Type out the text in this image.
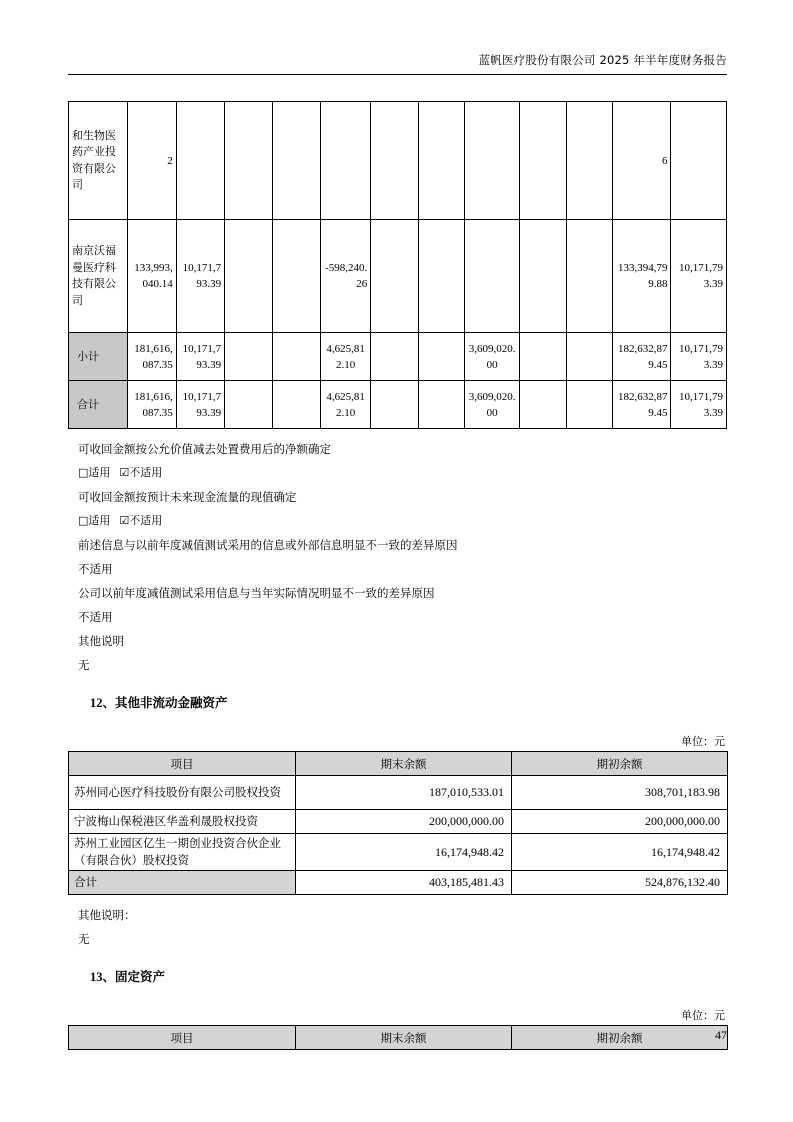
蓝帆医疗股份有限公司 2025 年半年度财务报告
和生物医药产业投资有限公司	2										6	
南京沃福曼医疗科技有限公司	133,993,040.14	10,171,793.39			-598,240.26						133,394,799.88	10,171,793.39
小计	181,616,087.35	10,171,793.39			4,625,812.10			3,609,020.00			182,632,879.45	10,171,793.39
合计	181,616,087.35	10,171,793.39			4,625,812.10			3,609,020.00			182,632,879.45	10,171,793.39
可收回金额按公允价值减去处置费用后的净额确定
□适用 ☑不适用
可收回金额按预计未来现金流量的现值确定
□适用 ☑不适用
前述信息与以前年度减值测试采用的信息或外部信息明显不一致的差异原因
不适用
公司以前年度减值测试采用信息与当年实际情况明显不一致的差异原因
不适用
其他说明
无
12、其他非流动金融资产
单位：元
项目	期末余额	期初余额
苏州同心医疗科技股份有限公司股权投资	187,010,533.01	308,701,183.98
宁波梅山保税港区华盖利晟股权投资	200,000,000.00	200,000,000.00
苏州工业园区亿生一期创业投资合伙企业（有限合伙）股权投资	16,174,948.42	16,174,948.42
合计	403,185,481.43	524,876,132.40
其他说明：
无
13、固定资产
单位：元
项目	期末余额	期初余额	47
